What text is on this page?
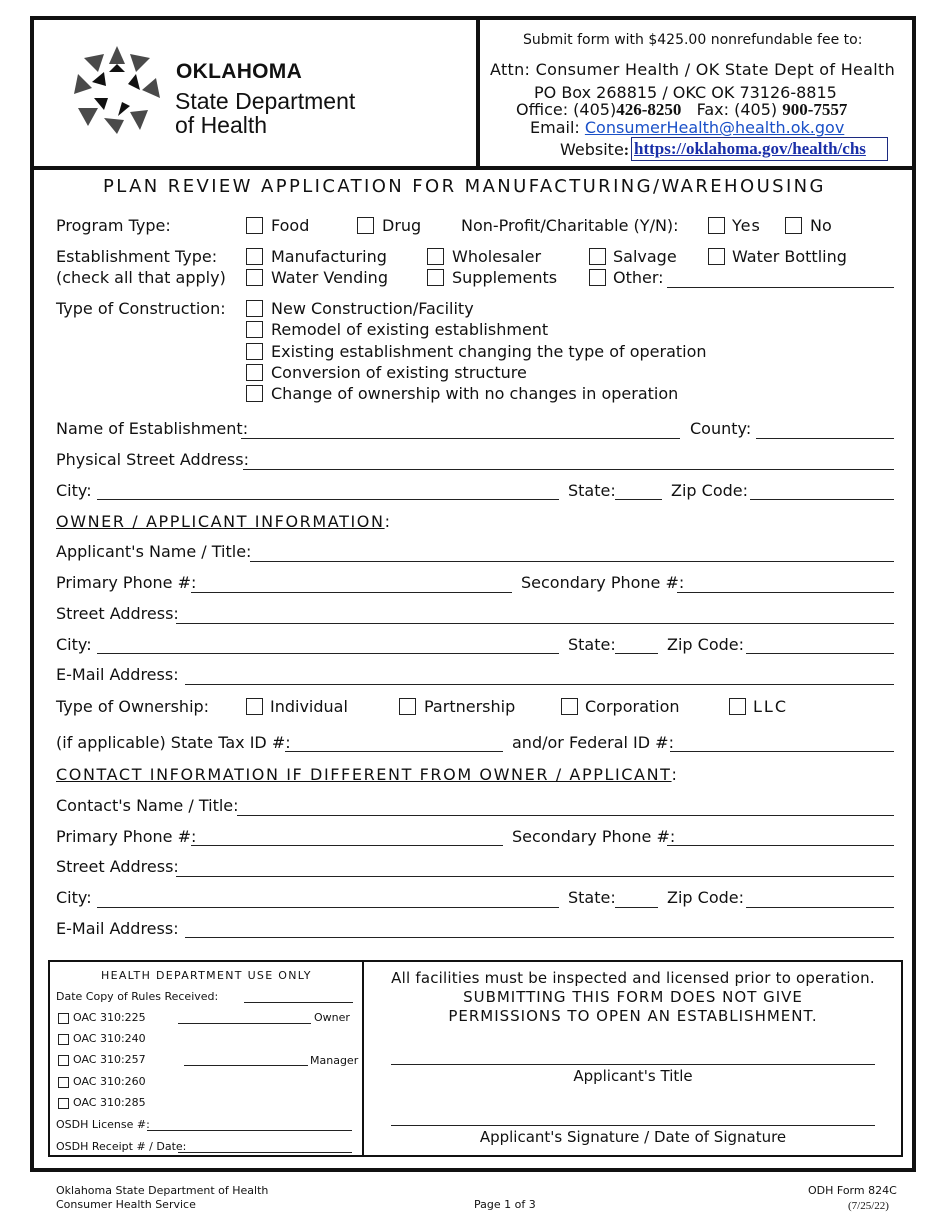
OKLAHOMA
State Department
of Health
Submit form with $425.00 nonrefundable fee to:
Attn: Consumer Health / OK State Dept of Health
PO Box 268815 / OKC OK 73126-8815
Office: (405)426-8250 Fax: (405) 900-7557
Email: ConsumerHealth@health.ok.gov
Website: https://oklahoma.gov/health/chs
PLAN REVIEW APPLICATION FOR MANUFACTURING/WAREHOUSING
Program Type:	Food	Drug Non-Profit/Charitable (Y/N):	Yes	No
Establishment Type:
(check all that apply)
Manufacturing	Wholesaler	Salvage	Water Bottling
Water Vending	Supplements	Other:
Type of Construction:	New Construction/Facility
Remodel of existing establishment
Existing establishment changing the type of operation
Conversion of existing structure
Change of ownership with no changes in operation
Name of Establishment:	County:
Physical Street Address:
City:	State:	Zip Code:
OWNER / APPLICANT INFORMATION:
Applicant's Name / Title:
Primary Phone #:	Secondary Phone #:
Street Address:
City:	State:	Zip Code:
E-Mail Address:
Type of Ownership:	Individual	Partnership	Corporation	LLC
(if applicable) State Tax ID #:	and/or Federal ID #:
CONTACT INFORMATION IF DIFFERENT FROM OWNER / APPLICANT:
Contact's Name / Title:
Primary Phone #:	Secondary Phone #:
Street Address:
City:	State:	Zip Code:
E-Mail Address:
HEALTH DEPARTMENT USE ONLY
Date Copy of Rules Received:
OAC 310:225	Owner
OAC 310:240
OAC 310:257	Manager
OAC 310:260
OAC 310:285
OSDH License #:
OSDH Receipt # / Date:
All facilities must be inspected and licensed prior to operation.
SUBMITTING THIS FORM DOES NOT GIVE
PERMISSIONS TO OPEN AN ESTABLISHMENT.
Applicant's Title
Applicant's Signature / Date of Signature
Oklahoma State Department of Health
Consumer Health Service	Page 1 of 3
ODH Form 824C
(7/25/22)
